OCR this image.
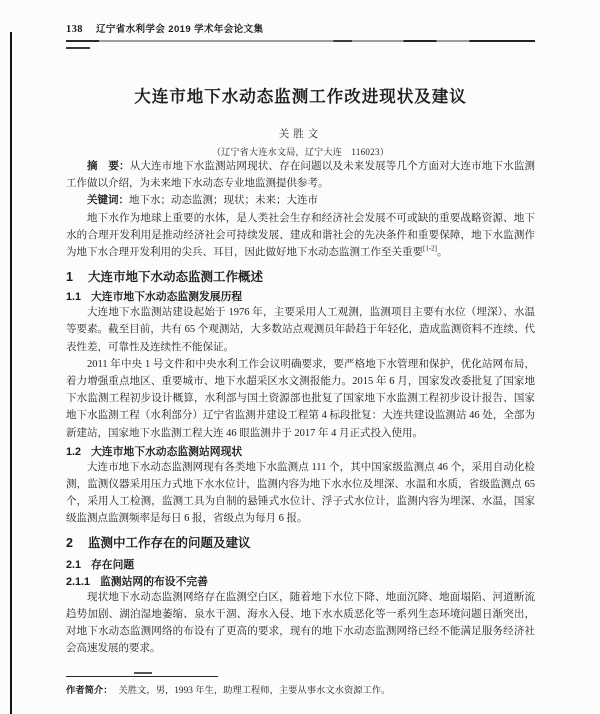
138 辽宁省水利学会 2019 学术年会论文集
大连市地下水动态监测工作改进现状及建议
关胜文
（辽宁省大连水文局，辽宁大连　116023）

摘　要：从大连市地下水监测站网现状、存在问题以及未来发展等几个方面对大连市地下水监测工作做以介绍，为未来地下水动态专业地监测提供参考。

关键词：地下水；动态监测；现状；未来；大连市

地下水作为地球上重要的水体，是人类社会生存和经济社会发展不可或缺的重要战略资源、地下水的合理开发利用是推动经济社会可持续发展、建成和谐社会的先决条件和重要保障，地下水监测作为地下水合理开发利用的尖兵、耳目，因此做好地下水动态监测工作至关重要[1-2]。

1 大连市地下水动态监测工作概述
1.1 大连市地下水动态监测发展历程

大连地下水监测站建设起始于 1976 年，主要采用人工观测，监测项目主要有水位（埋深）、水温等要素。截至目前，共有 65 个观测站，大多数站点观测员年龄趋于年轻化，造成监测资料不连续、代表性差，可靠性及连续性不能保证。

2011 年中央 1 号文件和中央水利工作会议明确要求，要严格地下水管理和保护，优化站网布局，着力增强重点地区、重要城市、地下水超采区水文测报能力。2015 年 6 月，国家发改委批复了国家地下水监测工程初步设计概算，水利部与国土资源部也批复了国家地下水监测工程初步设计报告、国家地下水监测工程（水利部分）辽宁省监测井建设工程第 4 标段批复：大连共建设监测站 46 处，全部为新建站，国家地下水监测工程大连 46 眼监测井于 2017 年 4 月正式投入使用。

1.2 大连市地下水动态监测站网现状

大连市地下水动态监测网现有各类地下水监测点 111 个，其中国家级监测点 46 个，采用自动化检测，监测仪器采用压力式地下水水位计，监测内容为地下水水位及埋深、水温和水质，省级监测点 65 个，采用人工检测，监测工具为自制的悬锤式水位计、浮子式水位计，监测内容为埋深、水温，国家级监测点监测频率是每日 6 报，省级点为每月 6 报。

2 监测中工作存在的问题及建议
2.1 存在问题
2.1.1 监测站网的布设不完善

现状地下水动态监测网络存在监测空白区，随着地下水位下降、地面沉降、地面塌陷、河道断流趋势加剧、湖泊湿地萎缩、泉水干涸、海水入侵、地下水水质恶化等一系列生态环境问题日渐突出，对地下水动态监测网络的布设有了更高的要求，现有的地下水动态监测网络已经不能满足服务经济社会高速发展的要求。

作者简介： 关胜文，男，1993 年生，助理工程师，主要从事水文水资源工作。
